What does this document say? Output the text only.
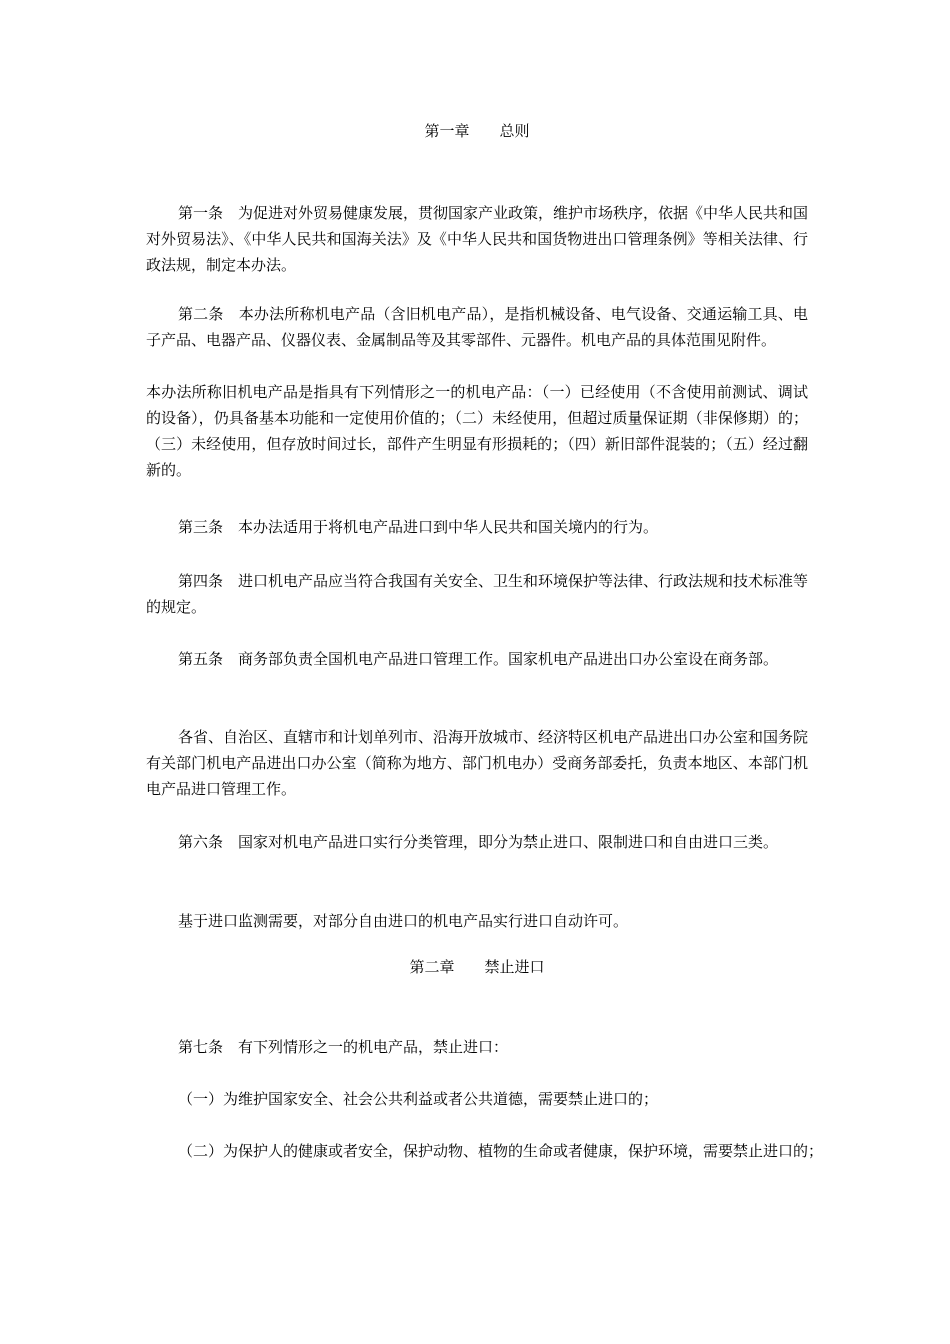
第一章　　总则

第一条　为促进对外贸易健康发展，贯彻国家产业政策，维护市场秩序，依据《中华人民共和国对外贸易法》、《中华人民共和国海关法》及《中华人民共和国货物进出口管理条例》等相关法律、行政法规，制定本办法。

第二条　本办法所称机电产品（含旧机电产品），是指机械设备、电气设备、交通运输工具、电子产品、电器产品、仪器仪表、金属制品等及其零部件、元器件。机电产品的具体范围见附件。

本办法所称旧机电产品是指具有下列情形之一的机电产品：（一）已经使用（不含使用前测试、调试的设备），仍具备基本功能和一定使用价值的；（二）未经使用，但超过质量保证期（非保修期）的；（三）未经使用，但存放时间过长，部件产生明显有形损耗的；（四）新旧部件混装的；（五）经过翻新的。

第三条　本办法适用于将机电产品进口到中华人民共和国关境内的行为。

第四条　进口机电产品应当符合我国有关安全、卫生和环境保护等法律、行政法规和技术标准等的规定。

第五条　商务部负责全国机电产品进口管理工作。国家机电产品进出口办公室设在商务部。

各省、自治区、直辖市和计划单列市、沿海开放城市、经济特区机电产品进出口办公室和国务院有关部门机电产品进出口办公室（简称为地方、部门机电办）受商务部委托，负责本地区、本部门机电产品进口管理工作。

第六条　国家对机电产品进口实行分类管理，即分为禁止进口、限制进口和自由进口三类。

基于进口监测需要，对部分自由进口的机电产品实行进口自动许可。

第二章　　禁止进口

第七条　有下列情形之一的机电产品，禁止进口：

（一）为维护国家安全、社会公共利益或者公共道德，需要禁止进口的；

（二）为保护人的健康或者安全，保护动物、植物的生命或者健康，保护环境，需要禁止进口的；
